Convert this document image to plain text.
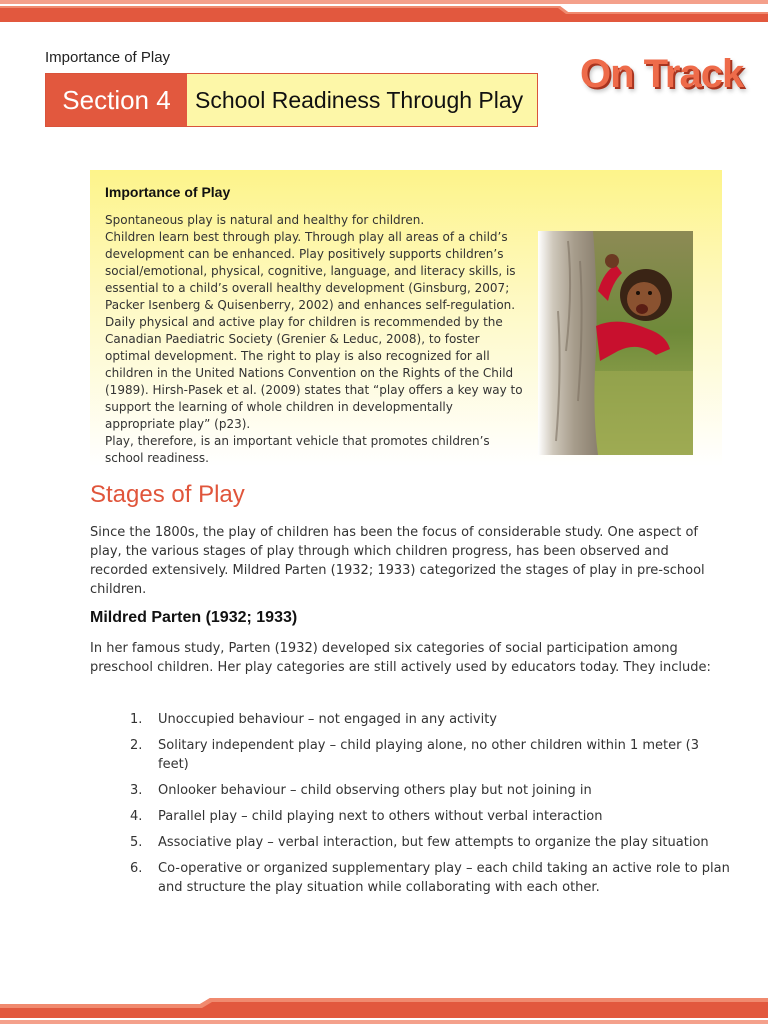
Importance of Play
Section 4	School Readiness Through Play
On Track
Importance of Play

Spontaneous play is natural and healthy for children.

Children learn best through play. Through play all areas of a child’s development can be enhanced. Play positively supports children’s social/emotional, physical, cognitive, language, and literacy skills, is essential to a child’s overall healthy development (Ginsburg, 2007; Packer Isenberg & Quisenberry, 2002) and enhances self-regulation. Daily physical and active play for children is recommended by the Canadian Paediatric Society (Grenier & Leduc, 2008), to foster optimal development. The right to play is also recognized for all children in the United Nations Convention on the Rights of the Child (1989). Hirsh-Pasek et al. (2009) states that “play offers a key way to support the learning of whole children in developmentally appropriate play” (p23).

Play, therefore, is an important vehicle that promotes children’s school readiness.

Stages of Play

Since the 1800s, the play of children has been the focus of considerable study. One aspect of play, the various stages of play through which children progress, has been observed and recorded extensively. Mildred Parten (1932; 1933) categorized the stages of play in pre-school children.

Mildred Parten (1932; 1933)

In her famous study, Parten (1932) developed six categories of social participation among preschool children. Her play categories are still actively used by educators today. They include:

1.	Unoccupied behaviour – not engaged in any activity
2.	Solitary independent play – child playing alone, no other children within 1 meter (3 feet)
3.	Onlooker behaviour – child observing others play but not joining in
4.	Parallel play – child playing next to others without verbal interaction
5.	Associative play – verbal interaction, but few attempts to organize the play situation
6.	Co-operative or organized supplementary play – each child taking an active role to plan and structure the play situation while collaborating with each other.
